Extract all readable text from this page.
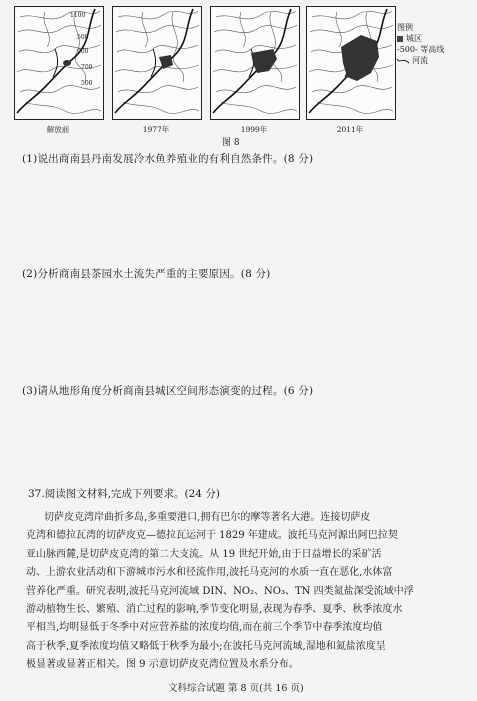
1100
500
900
700
500
解放前	1977年	1999年	2011年
图例
城区
-500- 等高线
河流
图 8
(1)说出商南县丹南发展冷水鱼养殖业的有利自然条件。(8 分)
(2)分析商南县茶园水土流失严重的主要原因。(8 分)
(3)请从地形角度分析商南县城区空间形态演变的过程。(6 分)
37.阅读图文材料,完成下列要求。(24 分)
切萨皮克湾岸曲折多岛,多重要港口,拥有巴尔的摩等著名大港。连接切萨皮
克湾和德拉瓦湾的切萨皮克—德拉瓦运河于 1829 年建成。波托马克河源出阿巴拉契
亚山脉西麓,是切萨皮克湾的第二大支流。从 19 世纪开始,由于日益增长的采矿活
动、上游农业活动和下游城市污水和径流作用,波托马克河的水质一直在恶化,水体富
营养化严重。研究表明,波托马克河流域 DIN、NO₂、NO₃、TN 四类氮盐深受流域中浮
游动植物生长、繁殖、消亡过程的影响,季节变化明显,表现为春季、夏季、秋季浓度水
平相当,均明显低于冬季中对应营养盐的浓度均值,而在前三个季节中春季浓度均值
高于秋季,夏季浓度均值又略低于秋季为最小;在波托马克河流域,湿地和氮盐浓度呈
极显著或显著正相关。图 9 示意切萨皮克湾位置及水系分布。
文科综合试题 第 8 页(共 16 页)
